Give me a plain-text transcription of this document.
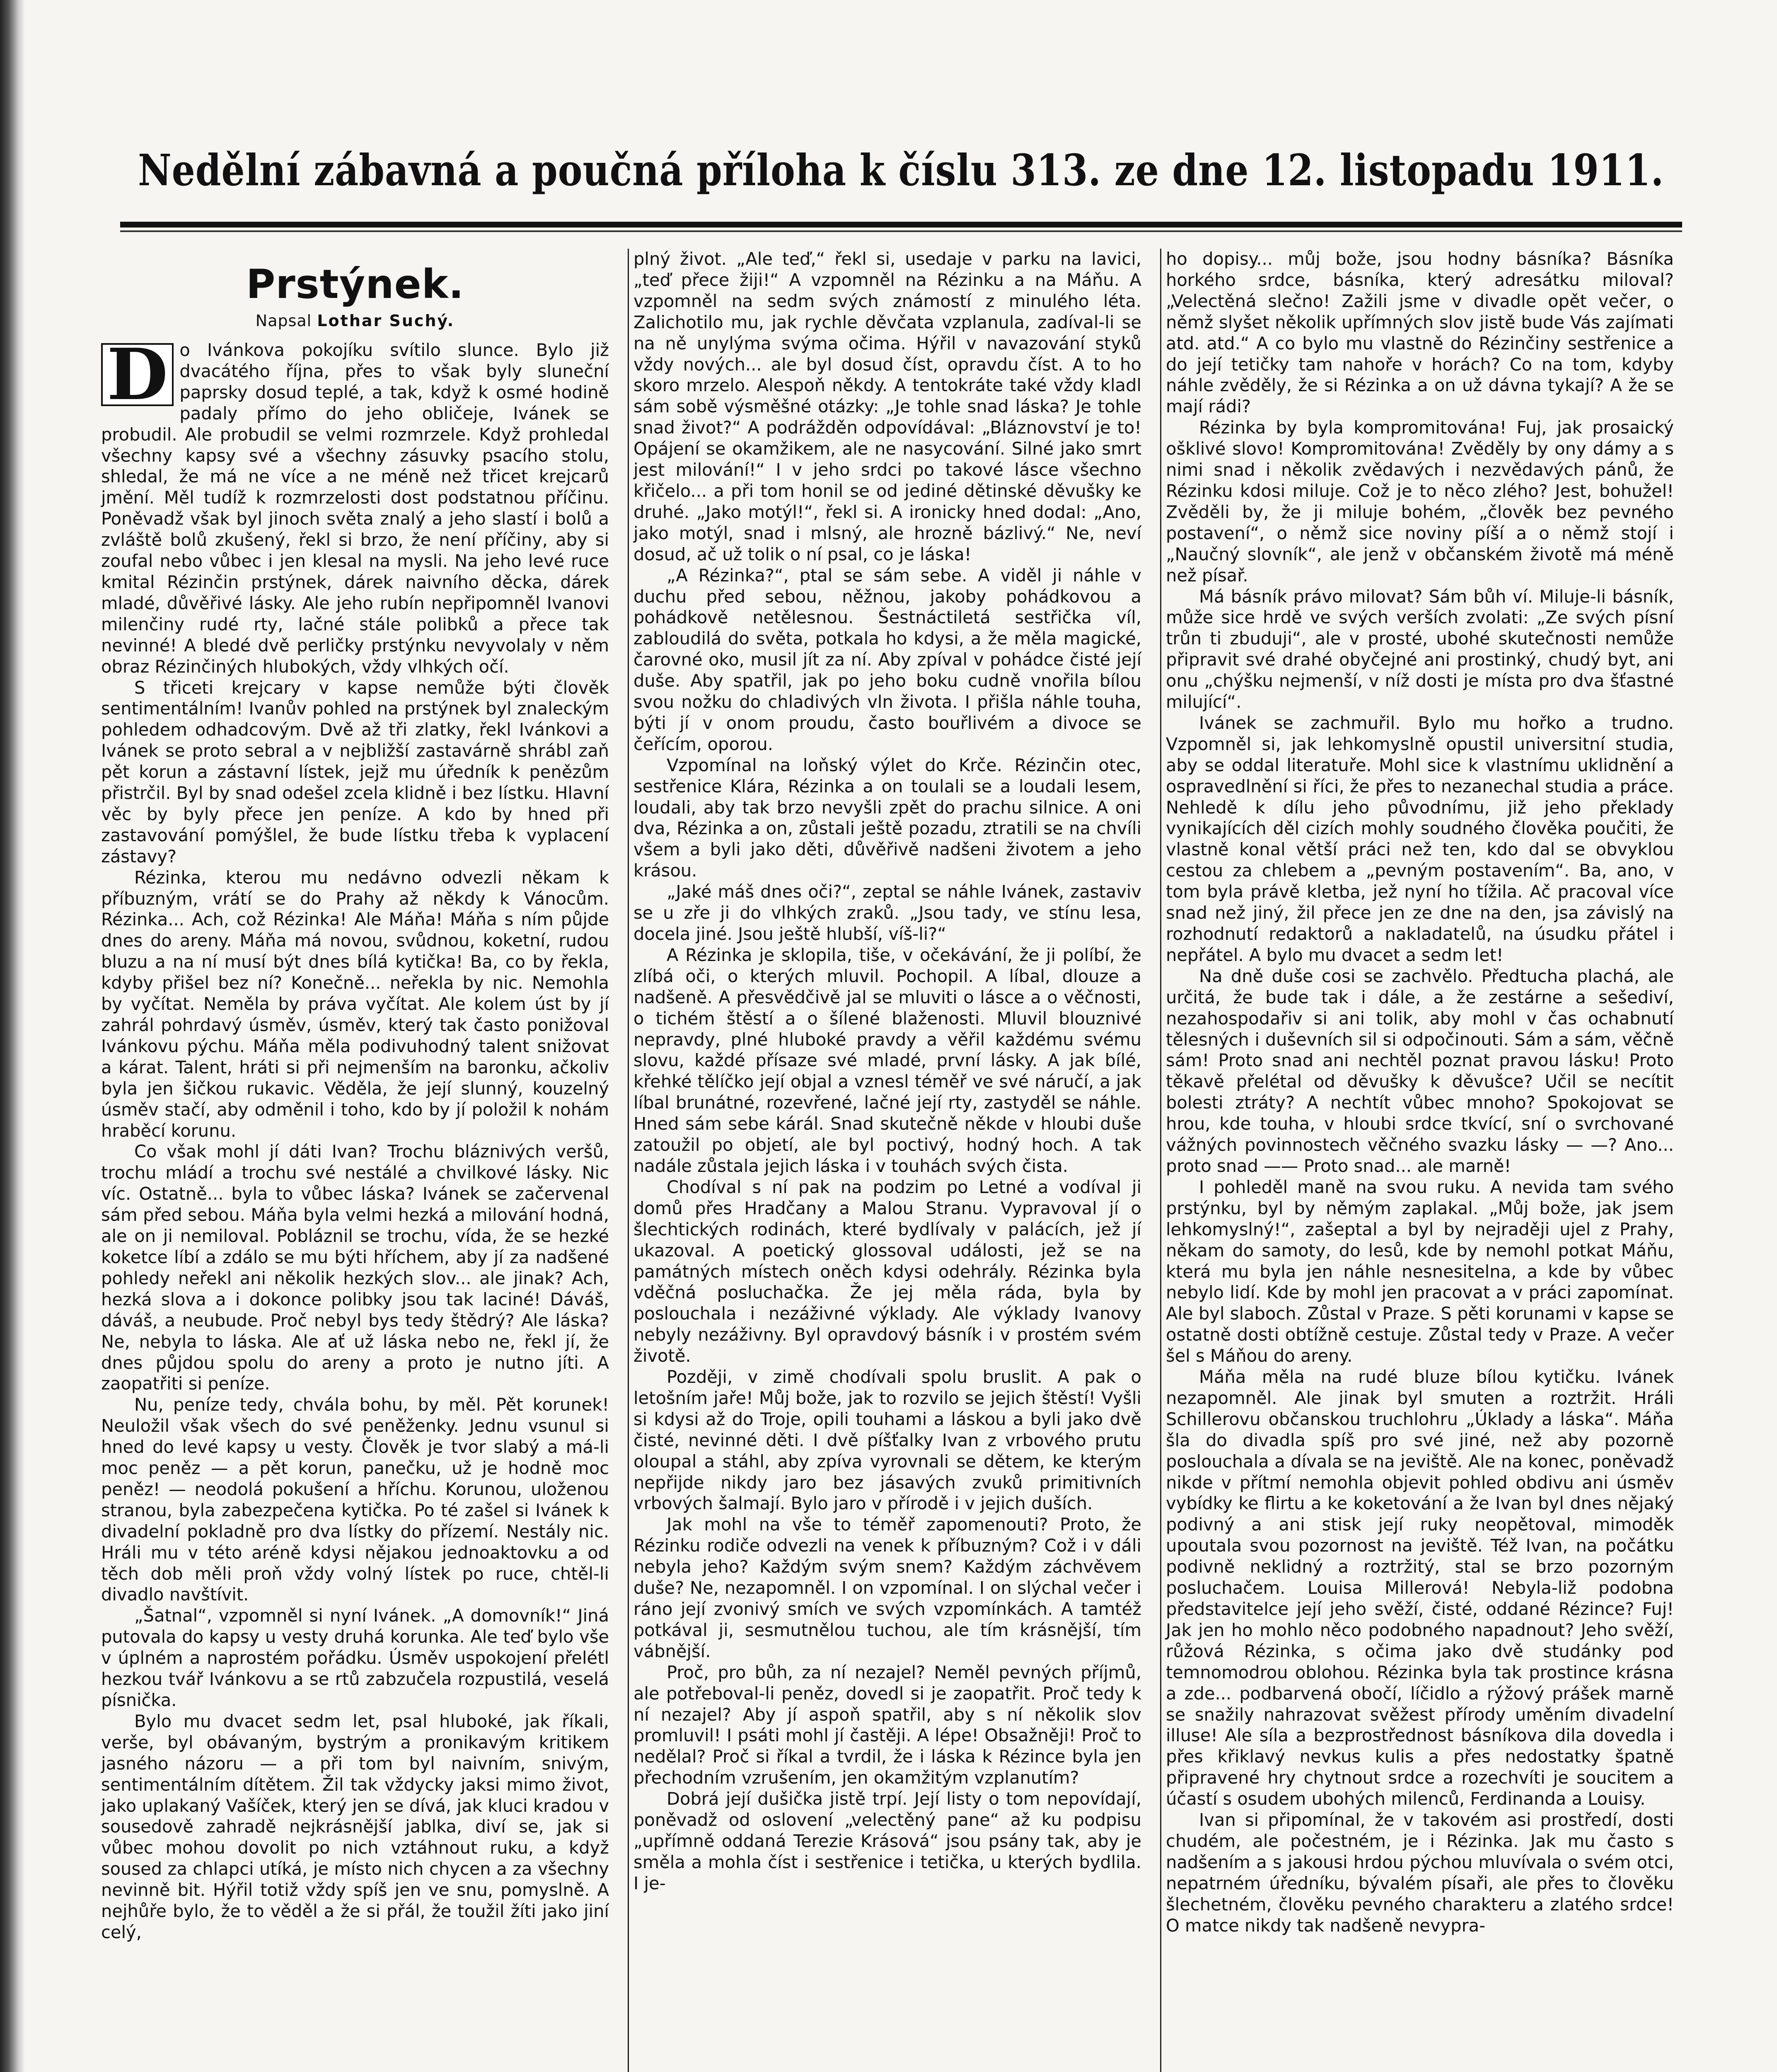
Nedělní zábavná a poučná příloha k číslu 313. ze dne 12. listopadu 1911.
Prstýnek.
Napsal Lothar Suchý.

D o Ivánkova pokojíku svítilo slunce. Bylo již dvacátého října, přes to však byly sluneční paprsky dosud teplé, a tak, když k osmé hodině padaly přímo do jeho obličeje, Ivánek se probudil. Ale probudil se velmi rozmrzele. Když prohledal všechny kapsy své a všechny zásuvky psacího stolu, shledal, že má ne více a ne méně než třicet krejcarů jmění. Měl tudíž k rozmrzelosti dost podstatnou příčinu. Poněvadž však byl jinoch světa znalý a jeho slastí i bolů a zvláště bolů zkušený, řekl si brzo, že není příčiny, aby si zoufal nebo vůbec i jen klesal na mysli. Na jeho levé ruce kmital Rézinčin prstýnek, dárek naivního děcka, dárek mladé, důvěřivé lásky. Ale jeho rubín nepřipomněl Ivanovi milenčiny rudé rty, lačné stále polibků a přece tak nevinné! A bledé dvě perličky prstýnku nevyvolaly v něm obraz Rézinčiných hlubokých, vždy vlhkých očí.

S třiceti krejcary v kapse nemůže býti člověk sentimentálním! Ivanův pohled na prstýnek byl znaleckým pohledem odhadcovým. Dvě až tři zlatky, řekl Ivánkovi a Ivánek se proto sebral a v nejbližší zastavárně shrábl zaň pět korun a zástavní lístek, jejž mu úředník k penězům přistrčil. Byl by snad odešel zcela klidně i bez lístku. Hlavní věc by byly přece jen peníze. A kdo by hned při zastavování pomýšlel, že bude lístku třeba k vyplacení zástavy?

Rézinka, kterou mu nedávno odvezli někam k příbuzným, vrátí se do Prahy až někdy k Vánocům. Rézinka... Ach, což Rézinka! Ale Máňa! Máňa s ním půjde dnes do areny. Máňa má novou, svůdnou, koketní, rudou bluzu a na ní musí být dnes bílá kytička! Ba, co by řekla, kdyby přišel bez ní? Konečně... neřekla by nic. Nemohla by vyčítat. Neměla by práva vyčítat. Ale kolem úst by jí zahrál pohrdavý úsměv, úsměv, který tak často ponižoval Ivánkovu pýchu. Máňa měla podivuhodný talent snižovat a kárat. Talent, hráti si při nejmenším na baronku, ačkoliv byla jen šičkou rukavic. Věděla, že její slunný, kouzelný úsměv stačí, aby odměnil i toho, kdo by jí položil k nohám hraběcí korunu.

Co však mohl jí dáti Ivan? Trochu bláznivých veršů, trochu mládí a trochu své nestálé a chvilkové lásky. Nic víc. Ostatně... byla to vůbec láska? Ivánek se začervenal sám před sebou. Máňa byla velmi hezká a milování hodná, ale on ji nemiloval. Pobláznil se trochu, vída, že se hezké koketce líbí a zdálo se mu býti hříchem, aby jí za nadšené pohledy neřekl ani několik hezkých slov... ale jinak? Ach, hezká slova a i dokonce polibky jsou tak laciné! Dáváš, dáváš, a neubude. Proč nebyl bys tedy štědrý? Ale láska? Ne, nebyla to láska. Ale ať už láska nebo ne, řekl jí, že dnes půjdou spolu do areny a proto je nutno jíti. A zaopatřiti si peníze.

Nu, peníze tedy, chvála bohu, by měl. Pět korunek! Neuložil však všech do své peněženky. Jednu vsunul si hned do levé kapsy u vesty. Člověk je tvor slabý a má-li moc peněz — a pět korun, panečku, už je hodně moc peněz! — neodolá pokušení a hříchu. Korunou, uloženou stranou, byla zabezpečena kytička. Po té zašel si Ivánek k divadelní pokladně pro dva lístky do přízemí. Nestály nic. Hráli mu v této aréně kdysi nějakou jednoaktovku a od těch dob měli proň vždy volný lístek po ruce, chtěl-li divadlo navštívit.

„Šatnal“, vzpomněl si nyní Ivánek. „A domovník!“ Jiná putovala do kapsy u vesty druhá korunka. Ale teď bylo vše v úplném a naprostém pořádku. Úsměv uspokojení přelétl hezkou tvář Ivánkovu a se rtů zabzučela rozpustilá, veselá písnička.

Bylo mu dvacet sedm let, psal hluboké, jak říkali, verše, byl obávaným, bystrým a pronikavým kritikem jasného názoru — a při tom byl naivním, snivým, sentimentálním dítětem. Žil tak vždycky jaksi mimo život, jako uplakaný Vašíček, který jen se dívá, jak kluci kradou v sousedově zahradě nejkrásnější jablka, diví se, jak si vůbec mohou dovolit po nich vztáhnout ruku, a když soused za chlapci utíká, je místo nich chycen a za všechny nevinně bit. Hýřil totiž vždy spíš jen ve snu, pomyslně. A nejhůře bylo, že to věděl a že si přál, že toužil žíti jako jiní celý,

plný život. „Ale teď,“ řekl si, usedaje v parku na lavici, „teď přece žiji!“ A vzpomněl na Rézinku a na Máňu. A vzpomněl na sedm svých známostí z minulého léta. Zalichotilo mu, jak rychle děvčata vzplanula, zadíval-li se na ně unylýma svýma očima. Hýřil v navazování styků vždy nových... ale byl dosud číst, opravdu číst. A to ho skoro mrzelo. Alespoň někdy. A tentokráte také vždy kladl sám sobě výsměšné otázky: „Je tohle snad láska? Je tohle snad život?“ A podrážděn odpovídával: „Bláznovství je to! Opájení se okamžikem, ale ne nasycování. Silné jako smrt jest milování!“ I v jeho srdci po takové lásce všechno křičelo... a při tom honil se od jediné dětinské děvušky ke druhé. „Jako motýl!“, řekl si. A ironicky hned dodal: „Ano, jako motýl, snad i mlsný, ale hrozně bázlivý.“ Ne, neví dosud, ač už tolik o ní psal, co je láska!

„A Rézinka?“, ptal se sám sebe. A viděl ji náhle v duchu před sebou, něžnou, jakoby pohádkovou a pohádkově netělesnou. Šestnáctiletá sestřička víl, zabloudilá do světa, potkala ho kdysi, a že měla magické, čarovné oko, musil jít za ní. Aby zpíval v pohádce čisté její duše. Aby spatřil, jak po jeho boku cudně vnořila bílou svou nožku do chladivých vln života. I přišla náhle touha, býti jí v onom proudu, často bouřlivém a divoce se čeřícím, oporou.

Vzpomínal na loňský výlet do Krče. Rézinčin otec, sestřenice Klára, Rézinka a on toulali se a loudali lesem, loudali, aby tak brzo nevyšli zpět do prachu silnice. A oni dva, Rézinka a on, zůstali ještě pozadu, ztratili se na chvíli všem a byli jako děti, důvěřivě nadšeni životem a jeho krásou.

„Jaké máš dnes oči?“, zeptal se náhle Ivánek, zastaviv se u zře ji do vlhkých zraků. „Jsou tady, ve stínu lesa, docela jiné. Jsou ještě hlubší, víš-li?“

A Rézinka je sklopila, tiše, v očekávání, že ji políbí, že zlíbá oči, o kterých mluvil. Pochopil. A líbal, dlouze a nadšeně. A přesvědčivě jal se mluviti o lásce a o věčnosti, o tichém štěstí a o šílené blaženosti. Mluvil blouznivé nepravdy, plné hluboké pravdy a věřil každému svému slovu, každé přísaze své mladé, první lásky. A jak bílé, křehké tělíčko její objal a vznesl téměř ve své náručí, a jak líbal brunátné, rozevřené, lačné její rty, zastyděl se náhle. Hned sám sebe kárál. Snad skutečně někde v hloubi duše zatoužil po objetí, ale byl poctivý, hodný hoch. A tak nadále zůstala jejich láska i v touhách svých čista.

Chodíval s ní pak na podzim po Letné a vodíval ji domů přes Hradčany a Malou Stranu. Vypravoval jí o šlechtických rodinách, které bydlívaly v palácích, jež jí ukazoval. A poetický glossoval události, jež se na památných místech oněch kdysi odehrály. Rézinka byla vděčná posluchačka. Že jej měla ráda, byla by poslouchala i nezáživné výklady. Ale výklady Ivanovy nebyly nezáživny. Byl opravdový básník i v prostém svém životě.

Později, v zimě chodívali spolu bruslit. A pak o letošním jaře! Můj bože, jak to rozvilo se jejich štěstí! Vyšli si kdysi až do Troje, opili touhami a láskou a byli jako dvě čisté, nevinné děti. I dvě píšťalky Ivan z vrbového prutu oloupal a stáhl, aby zpíva vyrovnali se dětem, ke kterým nepřijde nikdy jaro bez jásavých zvuků primitivních vrbových šalmají. Bylo jaro v přírodě i v jejich duších.

Jak mohl na vše to téměř zapomenouti? Proto, že Rézinku rodiče odvezli na venek k příbuzným? Což i v dáli nebyla jeho? Každým svým snem? Každým záchvěvem duše? Ne, nezapomněl. I on vzpomínal. I on slýchal večer i ráno její zvonivý smích ve svých vzpomínkách. A tamtéž potkával ji, sesmutnělou tuchou, ale tím krásnější, tím vábnější.

Proč, pro bůh, za ní nezajel? Neměl pevných příjmů, ale potřeboval-li peněz, dovedl si je zaopatřit. Proč tedy k ní nezajel? Aby jí aspoň spatřil, aby s ní několik slov promluvil! I psáti mohl jí častěji. A lépe! Obsažněji! Proč to nedělal? Proč si říkal a tvrdil, že i láska k Rézince byla jen přechodním vzrušením, jen okamžitým vzplanutím?

Dobrá její dušička jistě trpí. Její listy o tom nepovídají, poněvadž od oslovení „velectěný pane“ až ku podpisu „upřímně oddaná Terezie Krásová“ jsou psány tak, aby je směla a mohla číst i sestřenice i tetička, u kterých bydlila. I je-

ho dopisy... můj bože, jsou hodny básníka? Básníka horkého srdce, básníka, který adresátku miloval? „Velectěná slečno! Zažili jsme v divadle opět večer, o němž slyšet několik upřímných slov jistě bude Vás zajímati atd. atd.“ A co bylo mu vlastně do Rézinčiny sestřenice a do její tetičky tam nahoře v horách? Co na tom, kdyby náhle zvěděly, že si Rézinka a on už dávna tykají? A že se mají rádi?

Rézinka by byla kompromitována! Fuj, jak prosaický ošklivé slovo! Kompromitována! Zvěděly by ony dámy a s nimi snad i několik zvědavých i nezvědavých pánů, že Rézinku kdosi miluje. Což je to něco zlého? Jest, bohužel! Zvěděli by, že ji miluje bohém, „člověk bez pevného postavení“, o němž sice noviny píší a o němž stojí i „Naučný slovník“, ale jenž v občanském životě má méně než písař.

Má básník právo milovat? Sám bůh ví. Miluje-li básník, může sice hrdě ve svých verších zvolati: „Ze svých písní trůn ti zbuduji“, ale v prosté, ubohé skutečnosti nemůže připravit své drahé obyčejné ani prostinký, chudý byt, ani onu „chýšku nejmenší, v níž dosti je místa pro dva šťastné milující“.

Ivánek se zachmuřil. Bylo mu hořko a trudno. Vzpomněl si, jak lehkomyslně opustil universitní studia, aby se oddal literatuře. Mohl sice k vlastnímu uklidnění a ospravedlnění si říci, že přes to nezanechal studia a práce. Nehledě k dílu jeho původnímu, již jeho překlady vynikajících děl cizích mohly soudného člověka poučiti, že vlastně konal větší práci než ten, kdo dal se obvyklou cestou za chlebem a „pevným postavením“. Ba, ano, v tom byla právě kletba, jež nyní ho tížila. Ač pracoval více snad než jiný, žil přece jen ze dne na den, jsa závislý na rozhodnutí redaktorů a nakladatelů, na úsudku přátel i nepřátel. A bylo mu dvacet a sedm let!

Na dně duše cosi se zachvělo. Předtucha plachá, ale určitá, že bude tak i dále, a že zestárne a sešediví, nezahospodařiv si ani tolik, aby mohl v čas ochabnutí tělesných i duševních sil si odpočinouti. Sám a sám, věčně sám! Proto snad ani nechtěl poznat pravou lásku! Proto těkavě přelétal od děvušky k děvušce? Učil se necítit bolesti ztráty? A nechtít vůbec mnoho? Spokojovat se hrou, kde touha, v hloubi srdce tkvící, sní o svrchované vážných povinnostech věčného svazku lásky — —? Ano... proto snad —— Proto snad... ale marně!

I pohleděl maně na svou ruku. A nevida tam svého prstýnku, byl by němým zaplakal. „Můj bože, jak jsem lehkomyslný!“, zašeptal a byl by nejraději ujel z Prahy, někam do samoty, do lesů, kde by nemohl potkat Máňu, která mu byla jen náhle nesnesitelna, a kde by vůbec nebylo lidí. Kde by mohl jen pracovat a v práci zapomínat. Ale byl slaboch. Zůstal v Praze. S pěti korunami v kapse se ostatně dosti obtížně cestuje. Zůstal tedy v Praze. A večer šel s Máňou do areny.

Máňa měla na rudé bluze bílou kytičku. Ivánek nezapomněl. Ale jinak byl smuten a roztržit. Hráli Schillerovu občanskou truchlohru „Úklady a láska“. Máňa šla do divadla spíš pro své jiné, než aby pozorně poslouchala a dívala se na jeviště. Ale na konec, poněvadž nikde v přítmí nemohla objevit pohled obdivu ani úsměv vybídky ke flirtu a ke koketování a že Ivan byl dnes nějaký podivný a ani stisk její ruky neopětoval, mimoděk upoutala svou pozornost na jeviště. Též Ivan, na počátku podivně neklidný a roztržitý, stal se brzo pozorným posluchačem. Louisa Millerová! Nebyla-liž podobna představitelce její jeho svěží, čisté, oddané Rézince? Fuj! Jak jen ho mohlo něco podobného napadnout? Jeho svěží, růžová Rézinka, s očima jako dvě studánky pod temnomodrou oblohou. Rézinka byla tak prostince krásna a zde... podbarvená obočí, líčidlo a rýžový prášek marně se snažily nahrazovat svěžest přírody uměním divadelní illuse! Ale síla a bezprostřednost básníkova dila dovedla i přes křiklavý nevkus kulis a přes nedostatky špatně připravené hry chytnout srdce a rozechvíti je soucitem a účastí s osudem ubohých milenců, Ferdinanda a Louisy.

Ivan si připomínal, že v takovém asi prostředí, dosti chudém, ale počestném, je i Rézinka. Jak mu často s nadšením a s jakousi hrdou pýchou mluvívala o svém otci, nepatrném úředníku, bývalém písaři, ale přes to člověku šlechetném, člověku pevného charakteru a zlatého srdce! O matce nikdy tak nadšeně nevypra-
